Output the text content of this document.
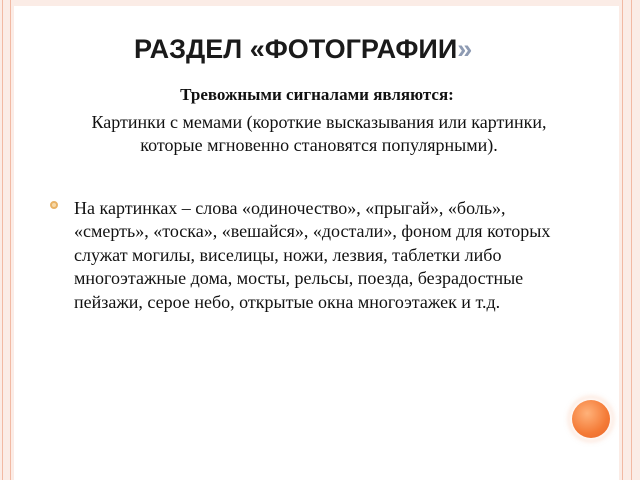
РАЗДЕЛ «ФОТОГРАФИИ»

Тревожными сигналами являются:

Картинки с мемами (короткие высказывания или картинки, которые мгновенно становятся популярными).

На картинках – слова «одиночество», «прыгай», «боль», «смерть», «тоска», «вешайся», «достали», фоном для которых служат могилы, виселицы, ножи, лезвия, таблетки либо многоэтажные дома, мосты, рельсы, поезда, безрадостные пейзажи, серое небо, открытые окна многоэтажек и т.д.
